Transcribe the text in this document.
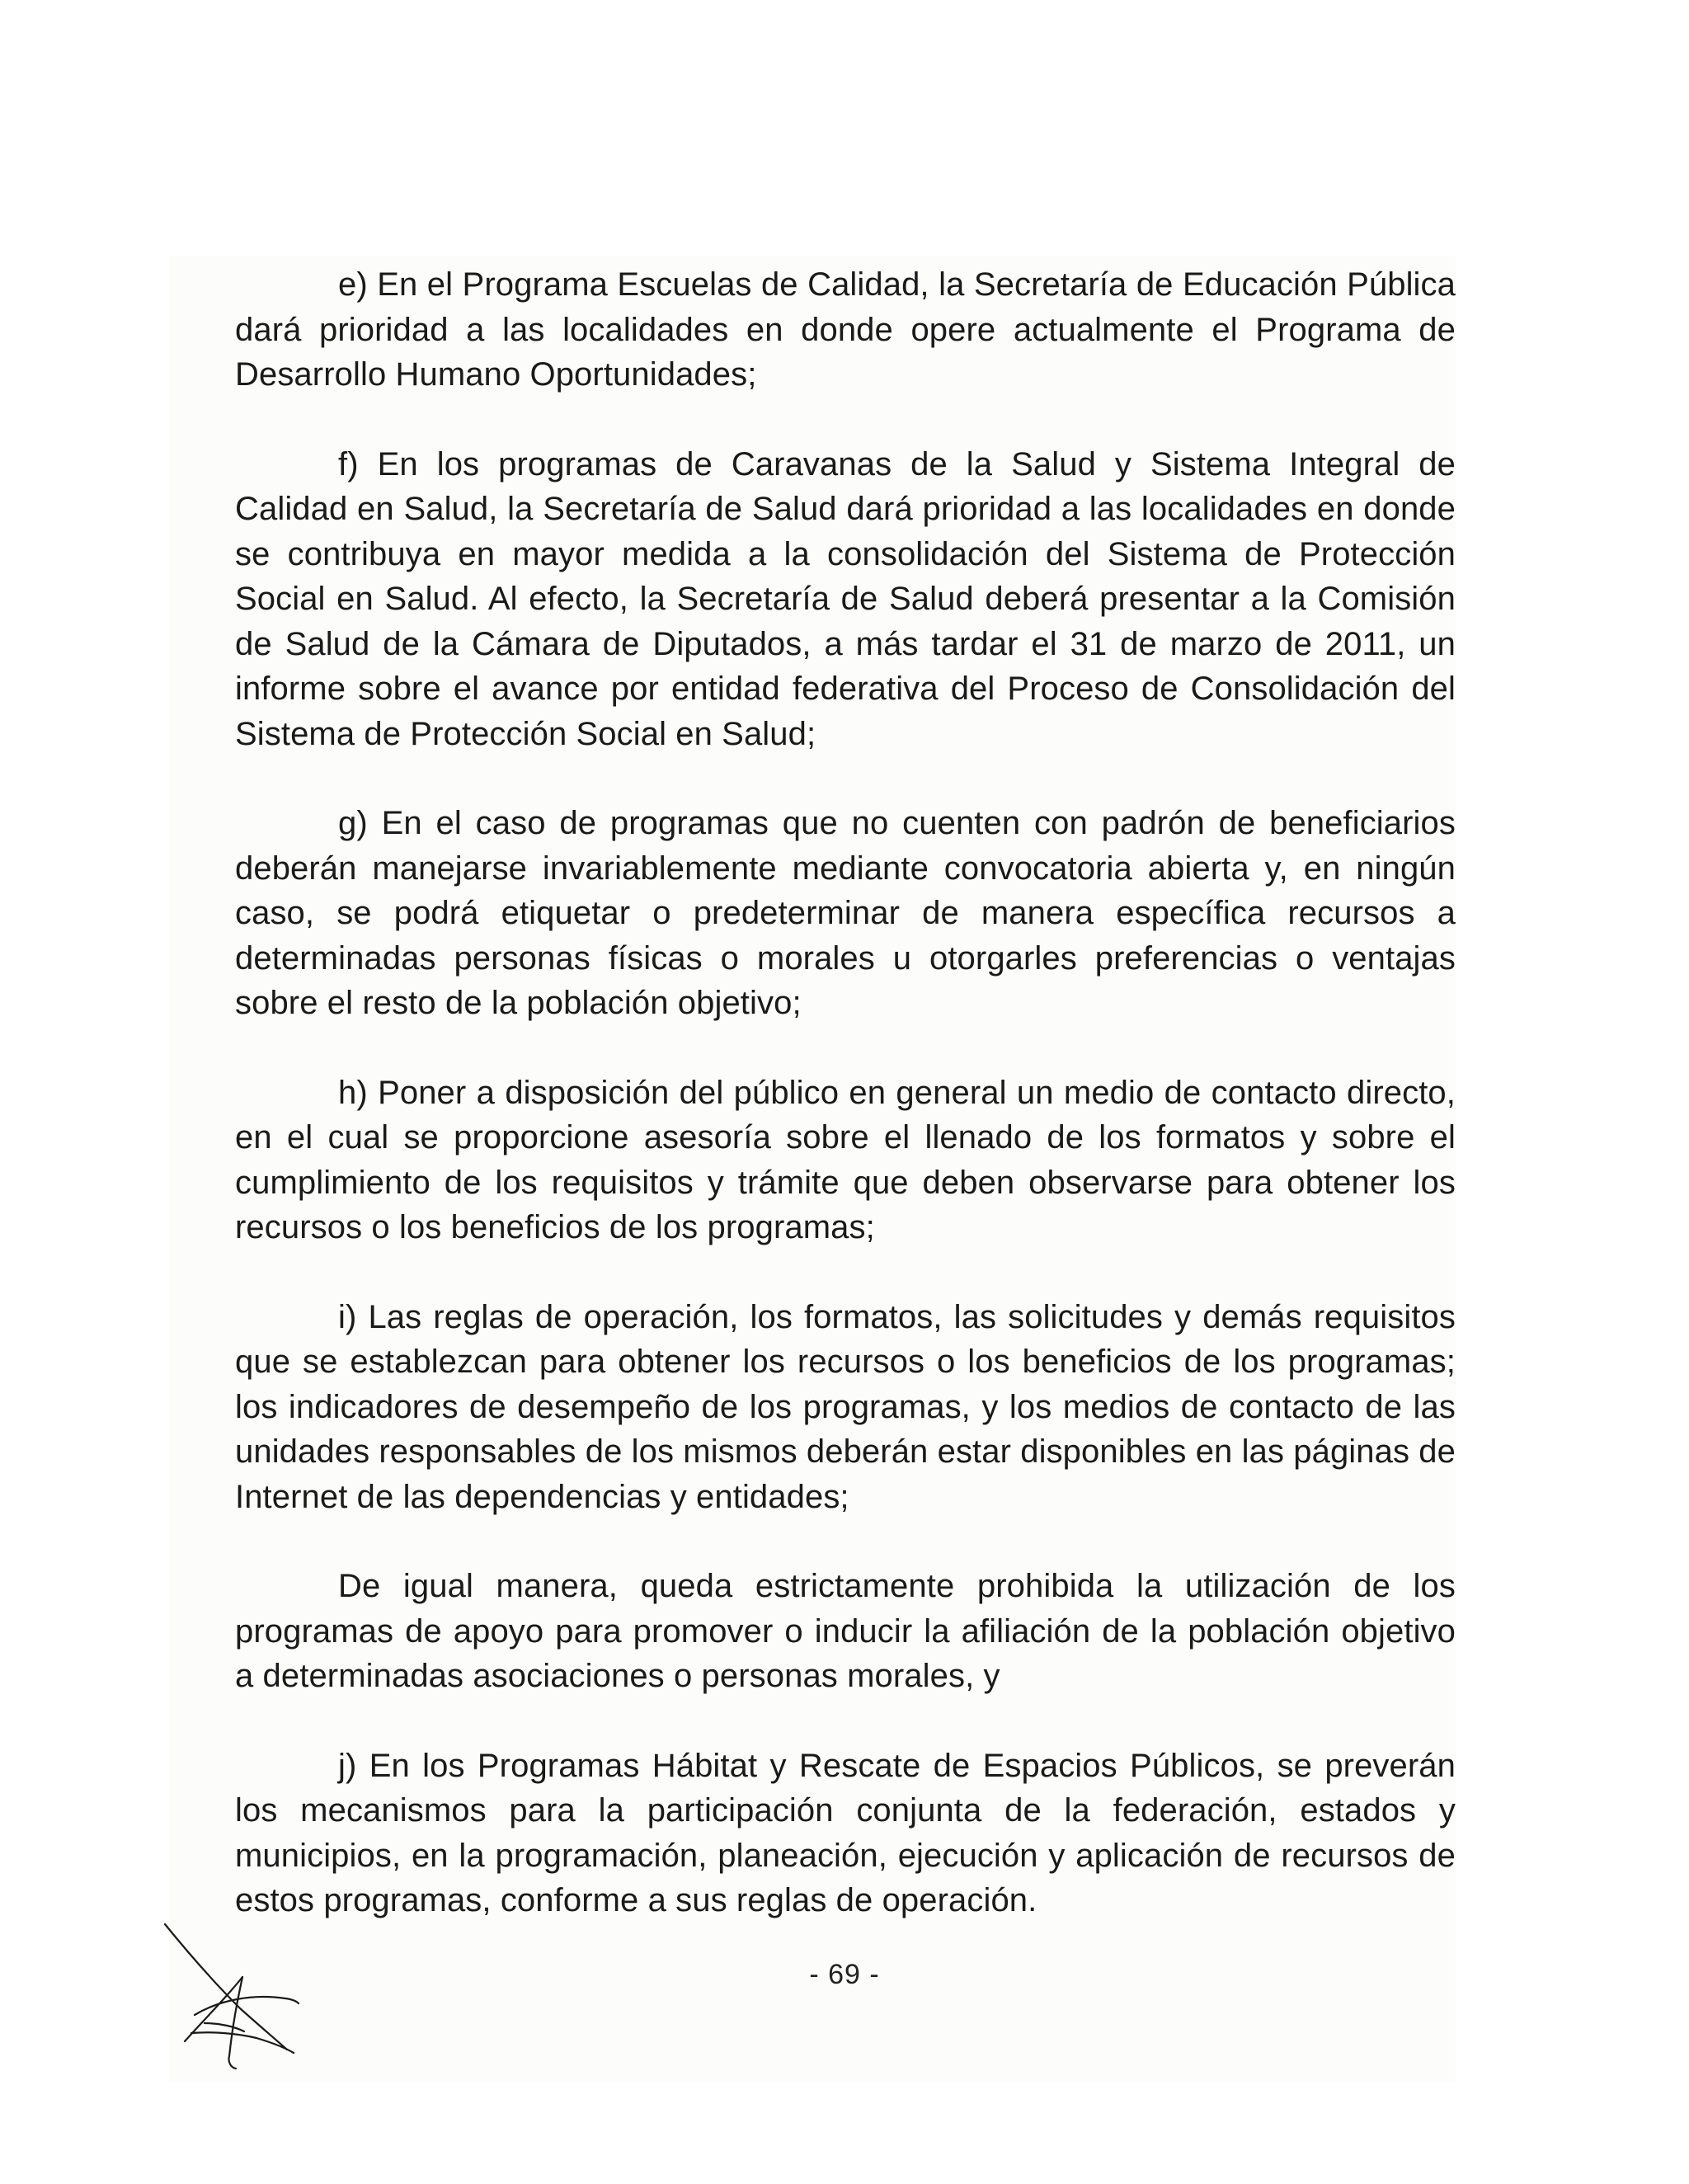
e) En el Programa Escuelas de Calidad, la Secretaría de Educación Pública dará prioridad a las localidades en donde opere actualmente el Programa de Desarrollo Humano Oportunidades;

f) En los programas de Caravanas de la Salud y Sistema Integral de Calidad en Salud, la Secretaría de Salud dará prioridad a las localidades en donde se contribuya en mayor medida a la consolidación del Sistema de Protección Social en Salud. Al efecto, la Secretaría de Salud deberá presentar a la Comisión de Salud de la Cámara de Diputados, a más tardar el 31 de marzo de 2011, un informe sobre el avance por entidad federativa del Proceso de Consolidación del Sistema de Protección Social en Salud;

g) En el caso de programas que no cuenten con padrón de beneficiarios deberán manejarse invariablemente mediante convocatoria abierta y, en ningún caso, se podrá etiquetar o predeterminar de manera específica recursos a determinadas personas físicas o morales u otorgarles preferencias o ventajas sobre el resto de la población objetivo;

h) Poner a disposición del público en general un medio de contacto directo, en el cual se proporcione asesoría sobre el llenado de los formatos y sobre el cumplimiento de los requisitos y trámite que deben observarse para obtener los recursos o los beneficios de los programas;

i) Las reglas de operación, los formatos, las solicitudes y demás requisitos que se establezcan para obtener los recursos o los beneficios de los programas; los indicadores de desempeño de los programas, y los medios de contacto de las unidades responsables de los mismos deberán estar disponibles en las páginas de Internet de las dependencias y entidades;

De igual manera, queda estrictamente prohibida la utilización de los programas de apoyo para promover o inducir la afiliación de la población objetivo a determinadas asociaciones o personas morales, y

j) En los Programas Hábitat y Rescate de Espacios Públicos, se preverán los mecanismos para la participación conjunta de la federación, estados y municipios, en la programación, planeación, ejecución y aplicación de recursos de estos programas, conforme a sus reglas de operación.

- 69 -
